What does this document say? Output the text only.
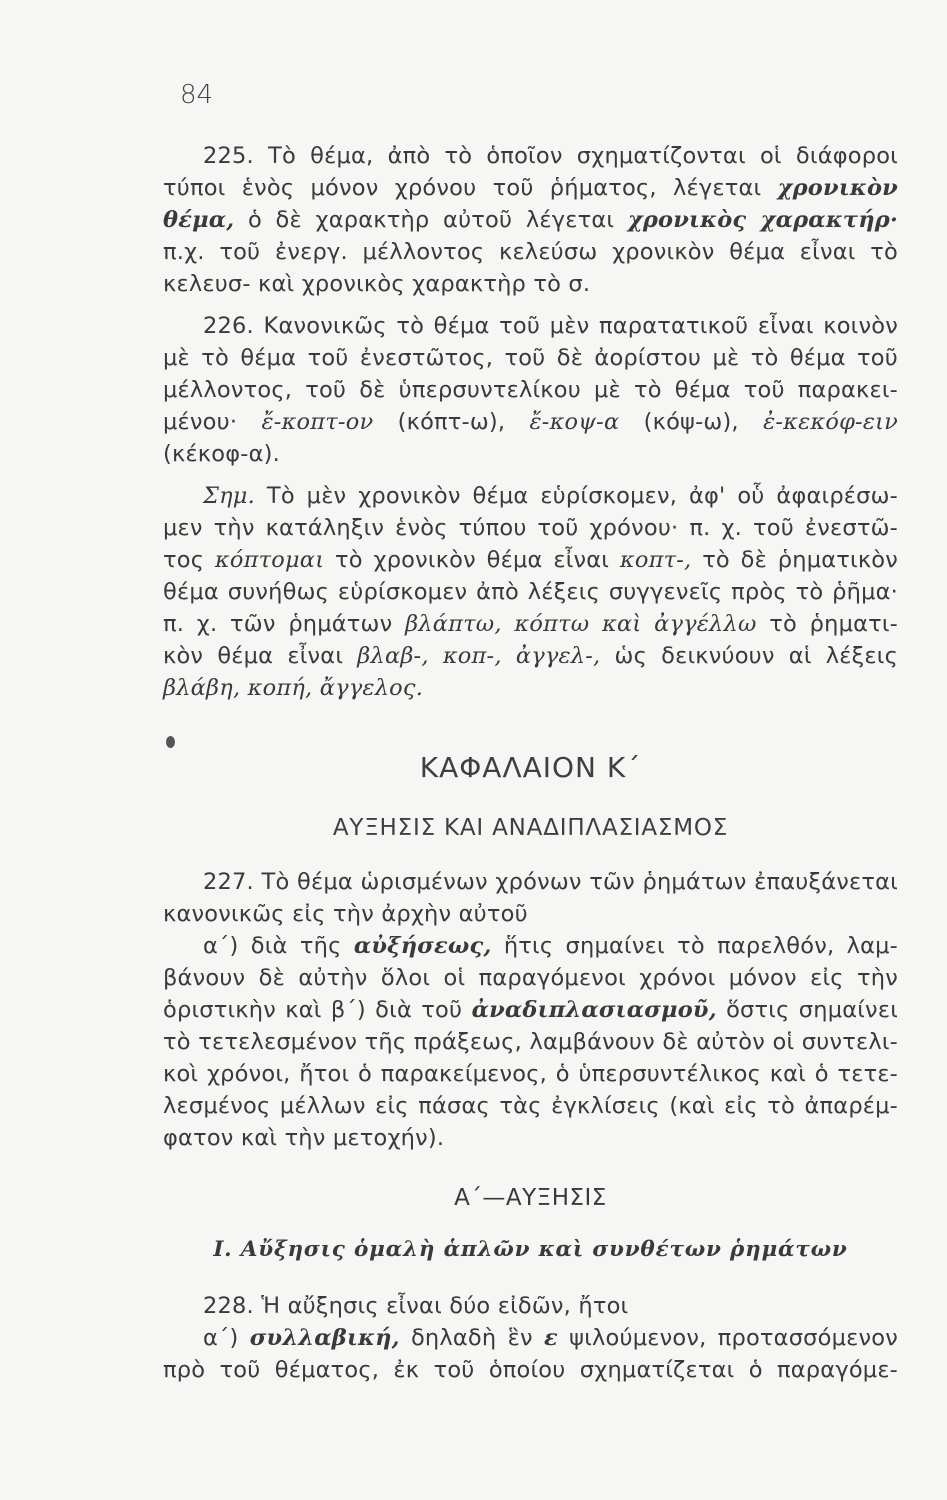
84
225. Τὸ θέμα, ἀπὸ τὸ ὁποῖον σχηματίζονται οἱ διάφοροι
τύποι ἑνὸς μόνον χρόνου τοῦ ῥήματος, λέγεται χρονικὸν
θέμα, ὁ δὲ χαρακτὴρ αὐτοῦ λέγεται χρονικὸς χαρακτήρ·
π.χ. τοῦ ἐνεργ. μέλλοντος κελεύσω χρονικὸν θέμα εἶναι τὸ
κελευσ- καὶ χρονικὸς χαρακτὴρ τὸ σ.
226. Κανονικῶς τὸ θέμα τοῦ μὲν παρατατικοῦ εἶναι κοινὸν
μὲ τὸ θέμα τοῦ ἐνεστῶτος, τοῦ δὲ ἀορίστου μὲ τὸ θέμα τοῦ
μέλλοντος, τοῦ δὲ ὑπερσυντελίκου μὲ τὸ θέμα τοῦ παρακει-
μένου· ἔ-κοπτ-ον (κόπτ-ω), ἔ-κοψ-α (κόψ-ω), ἐ-κεκόφ-ειν
(κέκοφ-α).
Σημ. Τὸ μὲν χρονικὸν θέμα εὑρίσκομεν, ἀφ' οὗ ἀφαιρέσω-
μεν τὴν κατάληξιν ἑνὸς τύπου τοῦ χρόνου· π. χ. τοῦ ἐνεστῶ-
τος κόπτομαι τὸ χρονικὸν θέμα εἶναι κοπτ-, τὸ δὲ ῥηματικὸν
θέμα συνήθως εὑρίσκομεν ἀπὸ λέξεις συγγενεῖς πρὸς τὸ ῥῆμα·
π. χ. τῶν ῥημάτων βλάπτω, κόπτω καὶ ἀγγέλλω τὸ ῥηματι-
κὸν θέμα εἶναι βλαβ-, κοπ-, ἀγγελ-, ὡς δεικνύουν αἱ λέξεις
βλάβη, κοπή, ἄγγελος.
ΚΑΦΑΛΑΙΟΝ Κ΄
ΑΥΞΗΣΙΣ ΚΑΙ ΑΝΑΔΙΠΛΑΣΙΑΣΜΟΣ
227. Τὸ θέμα ὡρισμένων χρόνων τῶν ῥημάτων ἐπαυξάνεται
κανονικῶς εἰς τὴν ἀρχὴν αὐτοῦ
α΄) διὰ τῆς αὐξήσεως, ἥτις σημαίνει τὸ παρελθόν, λαμ-
βάνουν δὲ αὐτὴν ὅλοι οἱ παραγόμενοι χρόνοι μόνον εἰς τὴν
ὁριστικὴν καὶ β΄) διὰ τοῦ ἀναδιπλασιασμοῦ, ὅστις σημαίνει
τὸ τετελεσμένον τῆς πράξεως, λαμβάνουν δὲ αὐτὸν οἱ συντελι-
κοὶ χρόνοι, ἤτοι ὁ παρακείμενος, ὁ ὑπερσυντέλικος καὶ ὁ τετε-
λεσμένος μέλλων εἰς πάσας τὰς ἐγκλίσεις (καὶ εἰς τὸ ἀπαρέμ-
φατον καὶ τὴν μετοχήν).
Α΄—ΑΥΞΗΣΙΣ
Ι. Αὔξησις ὁμαλὴ ἁπλῶν καὶ συνθέτων ῥημάτων
228. Ἡ αὔξησις εἶναι δύο εἰδῶν, ἤτοι
α΄) συλλαβική, δηλαδὴ ἓν ε ψιλούμενον, προτασσόμενον
πρὸ τοῦ θέματος, ἐκ τοῦ ὁποίου σχηματίζεται ὁ παραγόμε-
